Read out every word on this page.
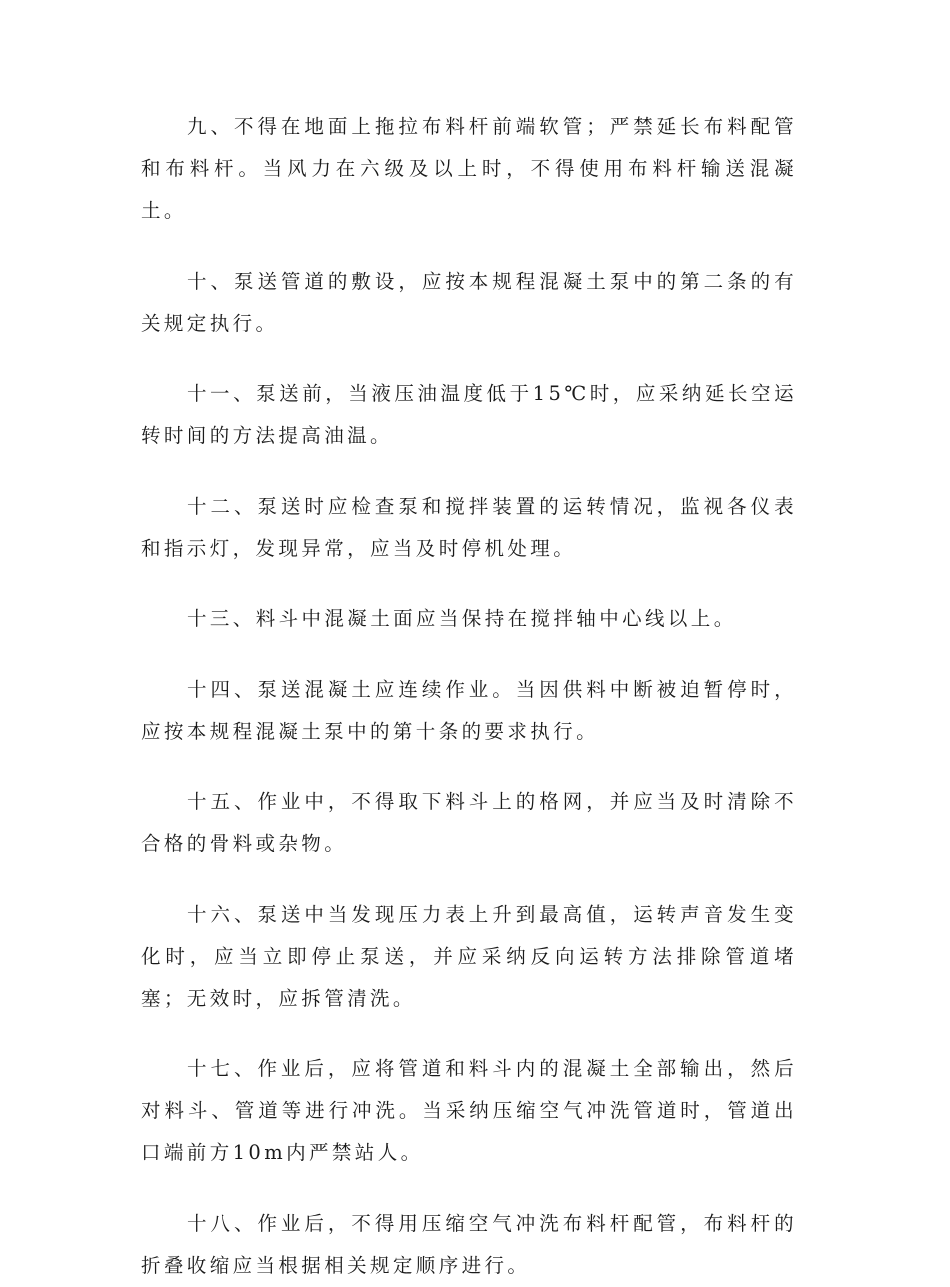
九、不得在地面上拖拉布料杆前端软管；严禁延长布料配管和布料杆。当风力在六级及以上时，不得使用布料杆输送混凝土。

十、泵送管道的敷设，应按本规程混凝土泵中的第二条的有关规定执行。

十一、泵送前，当液压油温度低于15℃时，应采纳延长空运转时间的方法提高油温。

十二、泵送时应检查泵和搅拌装置的运转情况，监视各仪表和指示灯，发现异常，应当及时停机处理。

十三、料斗中混凝土面应当保持在搅拌轴中心线以上。

十四、泵送混凝土应连续作业。当因供料中断被迫暂停时，应按本规程混凝土泵中的第十条的要求执行。

十五、作业中，不得取下料斗上的格网，并应当及时清除不合格的骨料或杂物。

十六、泵送中当发现压力表上升到最高值，运转声音发生变化时，应当立即停止泵送，并应采纳反向运转方法排除管道堵塞；无效时，应拆管清洗。

十七、作业后，应将管道和料斗内的混凝土全部输出，然后对料斗、管道等进行冲洗。当采纳压缩空气冲洗管道时，管道出口端前方10m内严禁站人。

十八、作业后，不得用压缩空气冲洗布料杆配管，布料杆的折叠收缩应当根据相关规定顺序进行。
